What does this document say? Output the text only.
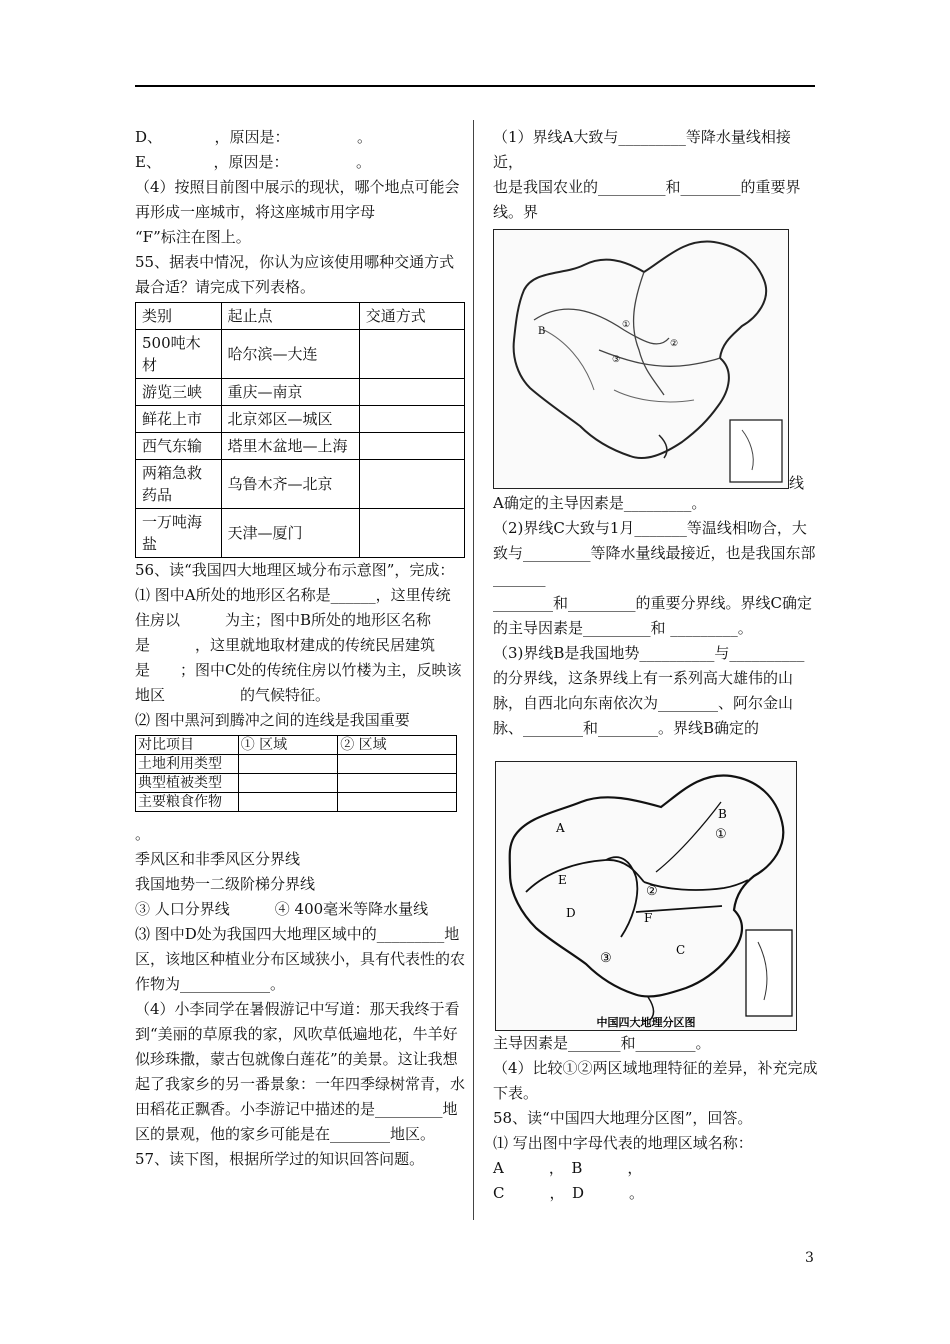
D、　　　　，原因是：　　　　　。

E、　　　　，原因是：　　　　　。

（4）按照目前图中展示的现状，哪个地点可能会再形成一座城市，将这座城市用字母

“F”标注在图上。

55、据表中情况，你认为应该使用哪种交通方式最合适？请完成下列表格。

类别	起止点	交通方式
500吨木材	哈尔滨—大连	
游览三峡	重庆—南京	
鲜花上市	北京郊区—城区	
西气东输	塔里木盆地—上海	
两箱急救药品	乌鲁木齐—北京	
一万吨海盐	天津—厦门	

56、读“我国四大地理区域分布示意图”，完成：

⑴ 图中A所处的地形区名称是______，这里传统住房以　　　为主；图中B所处的地形区名称是　　　，这里就地取材建成的传统民居建筑是　　；图中C处的传统住房以竹楼为主，反映该地区　　　　　的气候特征。

⑵ 图中黑河到腾冲之间的连线是我国重要

对比项目	① 区域	② 区域
土地利用类型		
典型植被类型		
主要粮食作物		

。

季风区和非季风区分界线

我国地势一二级阶梯分界线

③ 人口分界线　　　④ 400毫米等降水量线

⑶ 图中D处为我国四大地理区域中的_________地区，该地区种植业分布区域狭小，具有代表性的农作物为____________。

（4）小李同学在暑假游记中写道：那天我终于看到“美丽的草原我的家，风吹草低遍地花，牛羊好似珍珠撒，蒙古包就像白莲花”的美景。这让我想起了我家乡的另一番景象：一年四季绿树常青，水田稻花正飘香。小李游记中描述的是_________地区的景观，他的家乡可能是在________地区。

57、读下图，根据所学过的知识回答问题。

（1）界线A大致与_________等降水量线相接近，

也是我国农业的_________和________的重要界线。界

B
①
②
③
线

A确定的主导因素是_________。

（2)界线C大致与1月_______等温线相吻合，大致与_________等降水量线最接近，也是我国东部_______

________和_________的重要分界线。界线C确定的主导因素是_________和 _________。

（3)界线B是我国地势__________与__________的分界线，这条界线上有一系列高大雄伟的山脉，自西北向东南依次为________、阿尔金山脉、________和________。界线B确定的

A
B
①
E
②
D	F
C
③
中国四大地理分区图

主导因素是_______和________。

（4）比较①②两区域地理特征的差异，补充完成下表。

58、读“中国四大地理分区图”，回答。

⑴ 写出图中字母代表的地理区域名称：

A　　　，　B　　　，

C　　　，　D　　　。

3
